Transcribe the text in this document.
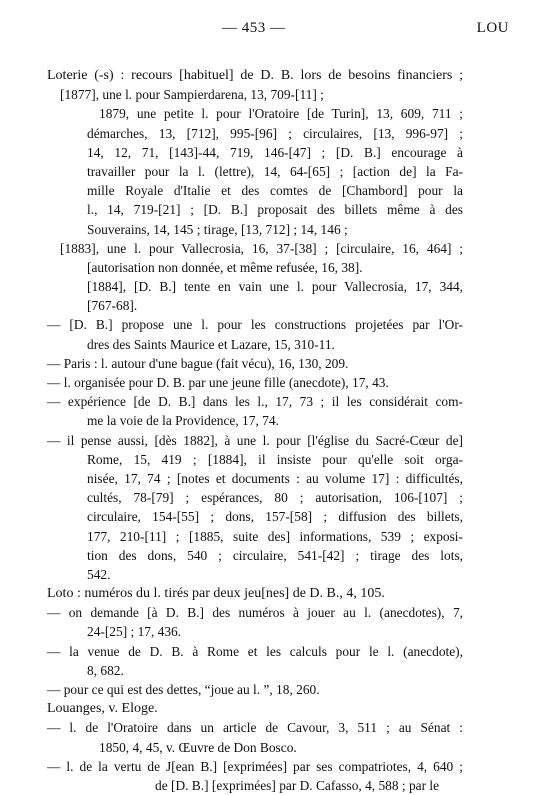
— 453 —	LOU
Loterie (-s) : recours [habituel] de D. B. lors de besoins financiers ;
[1877], une l. pour Sampierdarena, 13, 709-[11] ;
1879, une petite l. pour l'Oratoire [de Turin], 13, 609, 711 ;
démarches, 13, [712], 995-[96] ; circulaires, [13, 996-97] ;
14, 12, 71, [143]-44, 719, 146-[47] ; [D. B.] encourage à
travailler pour la l. (lettre), 14, 64-[65] ; [action de] la Fa-
mille Royale d'Italie et des comtes de [Chambord] pour la
l., 14, 719-[21] ; [D. B.] proposait des billets même à des
Souverains, 14, 145 ; tirage, [13, 712] ; 14, 146 ;
[1883], une l. pour Vallecrosia, 16, 37-[38] ; [circulaire, 16, 464] ;
[autorisation non donnée, et même refusée, 16, 38].
[1884], [D. B.] tente en vain une l. pour Vallecrosia, 17, 344,
[767-68].
— [D. B.] propose une l. pour les constructions projetées par l'Or-
dres des Saints Maurice et Lazare, 15, 310-11.
— Paris : l. autour d'une bague (fait vécu), 16, 130, 209.
— l. organisée pour D. B. par une jeune fille (anecdote), 17, 43.
— expérience [de D. B.] dans les l., 17, 73 ; il les considérait com-
me la voie de la Providence, 17, 74.
— il pense aussi, [dès 1882], à une l. pour [l'église du Sacré-Cœur de]
Rome, 15, 419 ; [1884], il insiste pour qu'elle soit orga-
nisée, 17, 74 ; [notes et documents : au volume 17] : difficultés,
cultés, 78-[79] ; espérances, 80 ; autorisation, 106-[107] ;
circulaire, 154-[55] ; dons, 157-[58] ; diffusion des billets,
177, 210-[11] ; [1885, suite des] informations, 539 ; exposi-
tion des dons, 540 ; circulaire, 541-[42] ; tirage des lots,
542.
Loto : numéros du l. tirés par deux jeu[nes] de D. B., 4, 105.
— on demande [à D. B.] des numéros à jouer au l. (anecdotes), 7,
24-[25] ; 17, 436.
— la venue de D. B. à Rome et les calculs pour le l. (anecdote),
8, 682.
— pour ce qui est des dettes, “joue au l. ”, 18, 260.
Louanges, v. Eloge.
— l. de l'Oratoire dans un article de Cavour, 3, 511 ; au Sénat :
1850, 4, 45, v. Œuvre de Don Bosco.
— l. de la vertu de J[ean B.] [exprimées] par ses compatriotes, 4, 640 ;
de [D. B.] [exprimées] par D. Cafasso, 4, 588 ; par le
